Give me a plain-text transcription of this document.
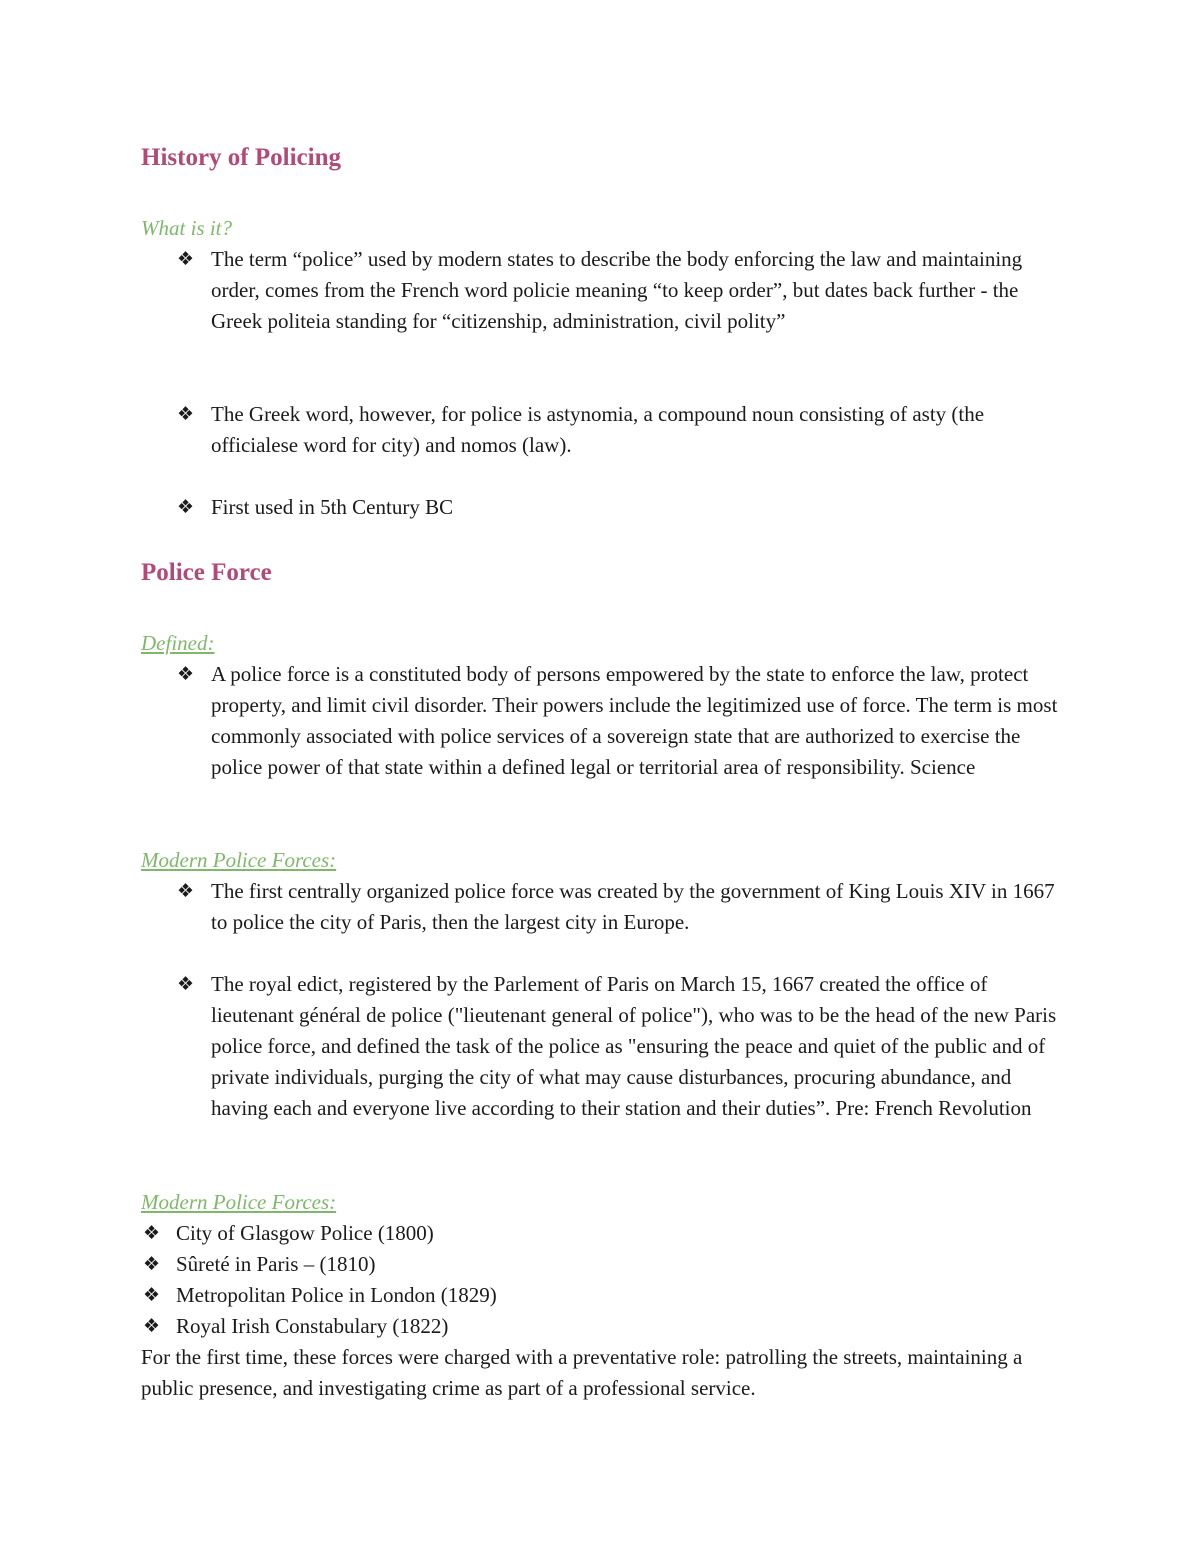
History of Policing
What is it?
❖ The term “police” used by modern states to describe the body enforcing the law and maintaining order, comes from the French word policie meaning “to keep order”, but dates back further - the Greek politeia standing for “citizenship, administration, civil polity”
❖ The Greek word, however, for police is astynomia, a compound noun consisting of asty (the officialese word for city) and nomos (law).
❖ First used in 5th Century BC
Police Force
Defined:
❖ A police force is a constituted body of persons empowered by the state to enforce the law, protect property, and limit civil disorder. Their powers include the legitimized use of force. The term is most commonly associated with police services of a sovereign state that are authorized to exercise the police power of that state within a defined legal or territorial area of responsibility. Science
Modern Police Forces:
❖ The first centrally organized police force was created by the government of King Louis XIV in 1667 to police the city of Paris, then the largest city in Europe.
❖ The royal edict, registered by the Parlement of Paris on March 15, 1667 created the office of lieutenant général de police ("lieutenant general of police"), who was to be the head of the new Paris police force, and defined the task of the police as "ensuring the peace and quiet of the public and of private individuals, purging the city of what may cause disturbances, procuring abundance, and having each and everyone live according to their station and their duties”. Pre: French Revolution
Modern Police Forces:
❖ City of Glasgow Police (1800)
❖ Sûreté in Paris – (1810)
❖ Metropolitan Police in London (1829)
❖ Royal Irish Constabulary (1822)

For the first time, these forces were charged with a preventative role: patrolling the streets, maintaining a public presence, and investigating crime as part of a professional service.
